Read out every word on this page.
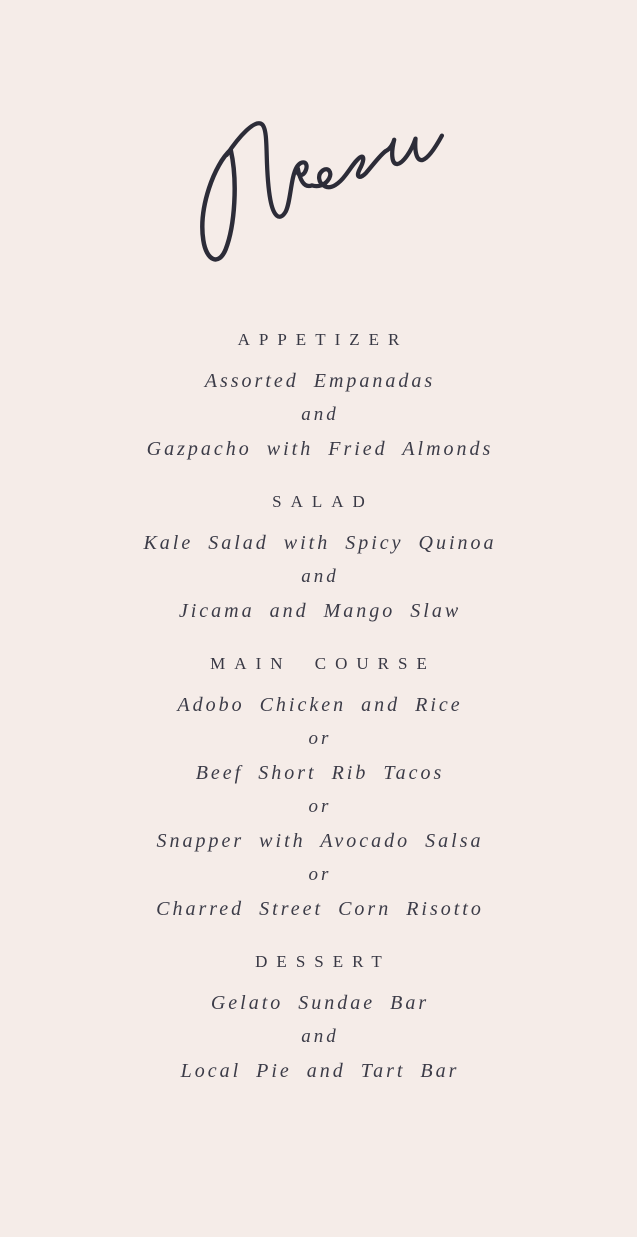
APPETIZER
Assorted Empanadas
and
Gazpacho with Fried Almonds
SALAD
Kale Salad with Spicy Quinoa
and
Jicama and Mango Slaw
MAIN COURSE
Adobo Chicken and Rice
or
Beef Short Rib Tacos
or
Snapper with Avocado Salsa
or
Charred Street Corn Risotto
DESSERT
Gelato Sundae Bar
and
Local Pie and Tart Bar
